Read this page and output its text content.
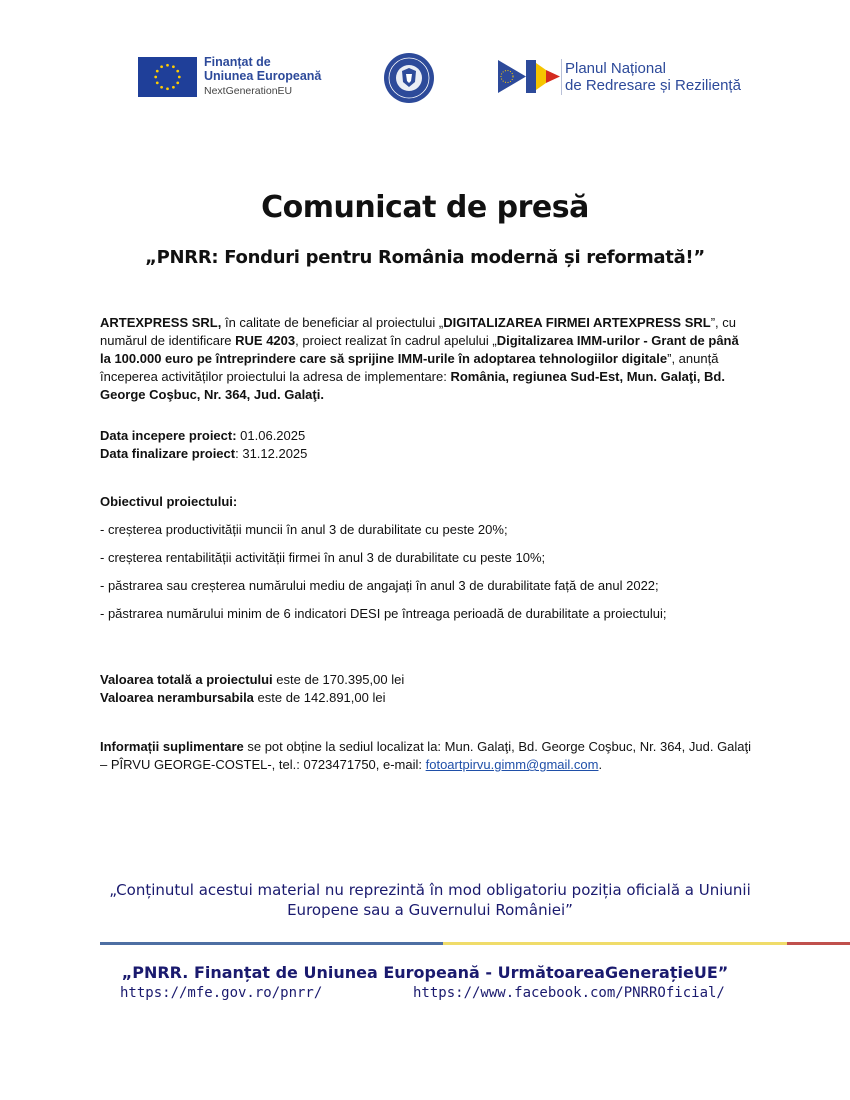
Finanțat de
Uniunea Europeană
NextGenerationEU
Planul Național
de Redresare și Reziliență
Comunicat de presă
„PNRR: Fonduri pentru România modernă și reformată!”
ARTEXPRESS SRL, în calitate de beneficiar al proiectului „DIGITALIZAREA FIRMEI ARTEXPRESS SRL”, cu numărul de identificare RUE 4203, proiect realizat în cadrul apelului „Digitalizarea IMM-urilor - Grant de până la 100.000 euro pe întreprindere care să sprijine IMM-urile în adoptarea tehnologiilor digitale”, anunță începerea activităților proiectului la adresa de implementare: România, regiunea Sud-Est, Mun. Galaţi, Bd. George Coşbuc, Nr. 364, Jud. Galaţi.
Data incepere proiect: 01.06.2025
Data finalizare proiect: 31.12.2025
Obiectivul proiectului:
- creșterea productivității muncii în anul 3 de durabilitate cu peste 20%;
- creșterea rentabilității activității firmei în anul 3 de durabilitate cu peste 10%;
- păstrarea sau creșterea numărului mediu de angajați în anul 3 de durabilitate față de anul 2022;
- păstrarea numărului minim de 6 indicatori DESI pe întreaga perioadă de durabilitate a proiectului;
Valoarea totală a proiectului este de 170.395,00 lei
Valoarea nerambursabila este de 142.891,00 lei
Informații suplimentare se pot obține la sediul localizat la: Mun. Galaţi, Bd. George Coşbuc, Nr. 364, Jud. Galaţi – PÎRVU GEORGE-COSTEL-, tel.: 0723471750, e-mail: fotoartpirvu.gimm@gmail.com.
„Conținutul acestui material nu reprezintă în mod obligatoriu poziția oficială a Uniunii Europene sau a Guvernului României”
„PNRR. Finanțat de Uniunea Europeană - UrmătoareaGenerațieUE”
https://mfe.gov.ro/pnrr/	https://www.facebook.com/PNRROficial/
